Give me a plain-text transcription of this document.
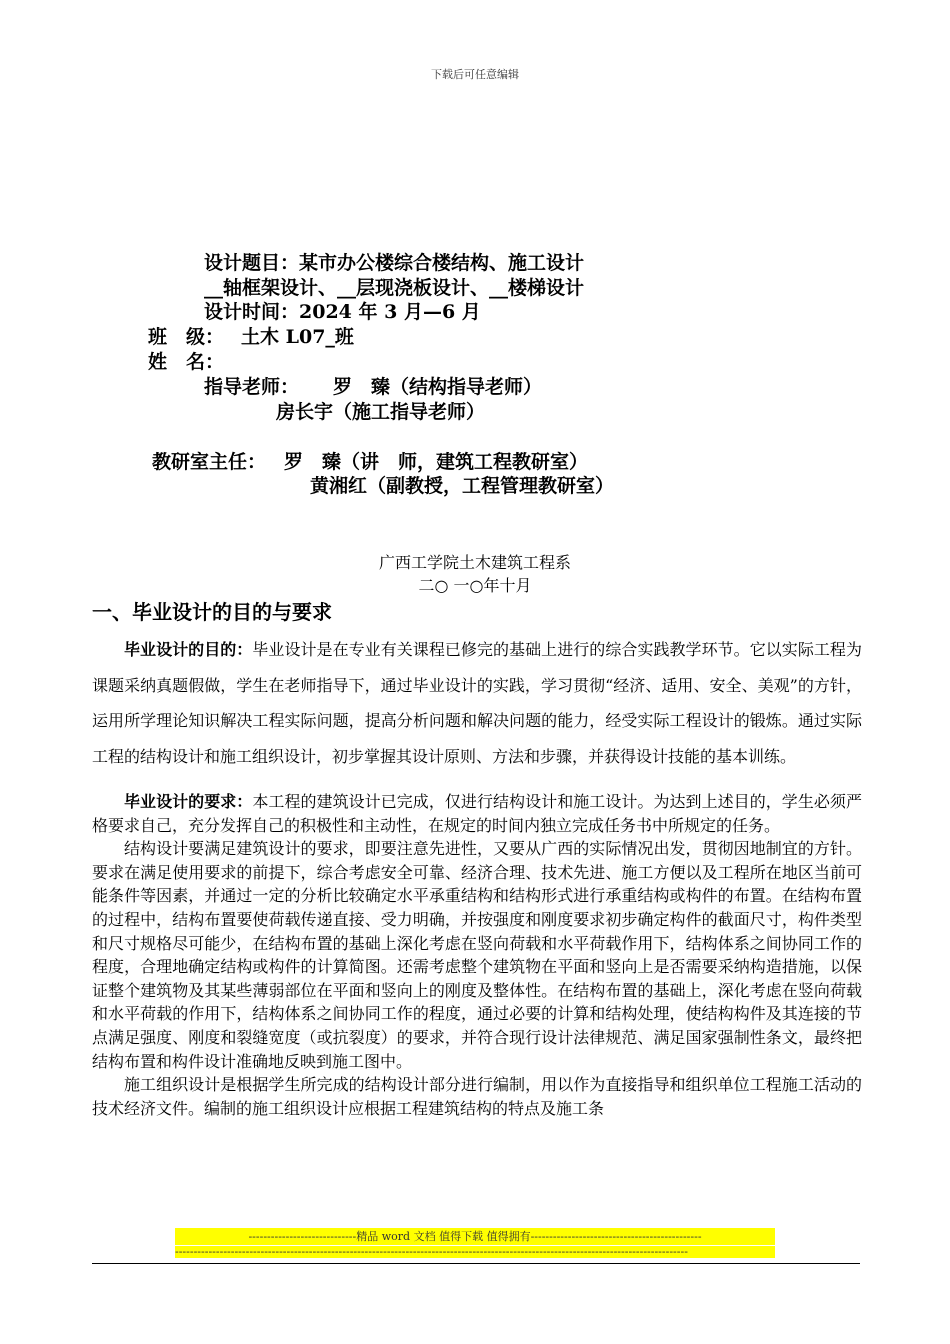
下载后可任意编辑
设计题目：某市办公楼综合楼结构、施工设计
__轴框架设计、__层现浇板设计、__楼梯设计
设计时间：2024 年 3 月—6 月
班　级： 土木 L07_班
姓　名：
指导老师： 罗　臻（结构指导老师）
房长宇（施工指导老师）
教研室主任： 罗　臻（讲　师，建筑工程教研室）
黄湘红（副教授，工程管理教研室）
广西工学院土木建筑工程系
二○ 一○年十月
一、毕业设计的目的与要求

毕业设计的目的：毕业设计是在专业有关课程已修完的基础上进行的综合实践教学环节。它以实际工程为课题采纳真题假做，学生在老师指导下，通过毕业设计的实践，学习贯彻“经济、适用、安全、美观”的方针，运用所学理论知识解决工程实际问题，提高分析问题和解决问题的能力，经受实际工程设计的锻炼。通过实际工程的结构设计和施工组织设计，初步掌握其设计原则、方法和步骤，并获得设计技能的基本训练。

毕业设计的要求：本工程的建筑设计已完成，仅进行结构设计和施工设计。为达到上述目的，学生必须严格要求自己，充分发挥自己的积极性和主动性，在规定的时间内独立完成任务书中所规定的任务。

结构设计要满足建筑设计的要求，即要注意先进性，又要从广西的实际情况出发，贯彻因地制宜的方针。要求在满足使用要求的前提下，综合考虑安全可靠、经济合理、技术先进、施工方便以及工程所在地区当前可能条件等因素，并通过一定的分析比较确定水平承重结构和结构形式进行承重结构或构件的布置。在结构布置的过程中，结构布置要使荷载传递直接、受力明确，并按强度和刚度要求初步确定构件的截面尺寸，构件类型和尺寸规格尽可能少，在结构布置的基础上深化考虑在竖向荷载和水平荷载作用下，结构体系之间协同工作的程度，合理地确定结构或构件的计算简图。还需考虑整个建筑物在平面和竖向上是否需要采纳构造措施，以保证整个建筑物及其某些薄弱部位在平面和竖向上的刚度及整体性。在结构布置的基础上，深化考虑在竖向荷载和水平荷载的作用下，结构体系之间协同工作的程度，通过必要的计算和结构处理，使结构构件及其连接的节点满足强度、刚度和裂缝宽度（或抗裂度）的要求，并符合现行设计法律规范、满足国家强制性条文，最终把结构布置和构件设计准确地反映到施工图中。

施工组织设计是根据学生所完成的结构设计部分进行编制，用以作为直接指导和组织单位工程施工活动的技术经济文件。编制的施工组织设计应根据工程建筑结构的特点及施工条

-----------------------------精品 word 文档 值得下载 值得拥有----------------------------------------------
------------------------------------------------------------------------------------------------------------------------------------------
